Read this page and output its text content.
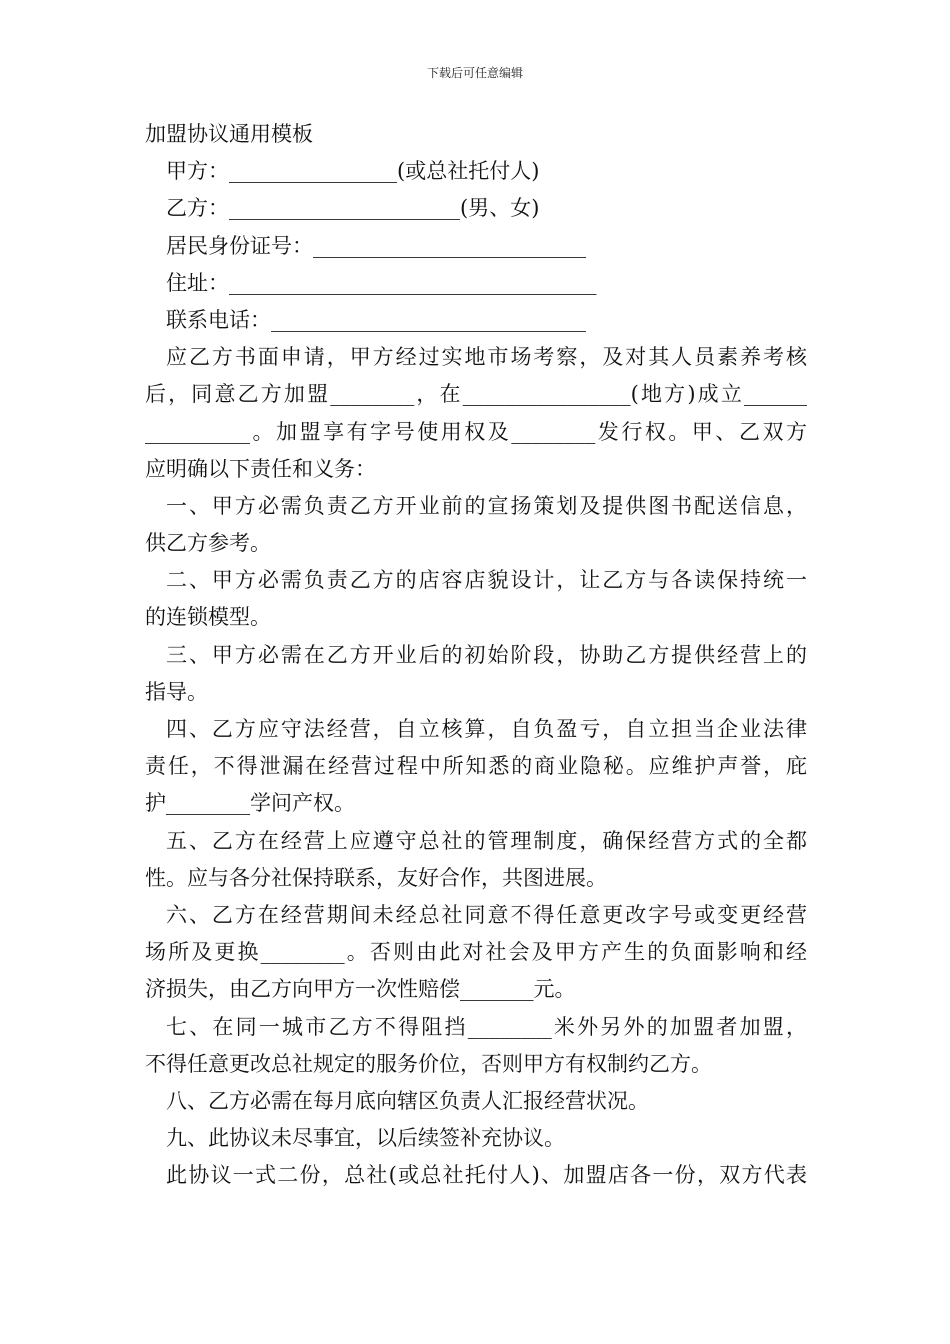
下载后可任意编辑
加盟协议通用模板
甲方：________________(或总社托付人)
乙方：______________________(男、女)
居民身份证号：__________________________
住址：___________________________________
联系电话：______________________________
应乙方书面申请，甲方经过实地市场考察，及对其人员素养考核
后，同意乙方加盟________，在________________(地方)成立______
__________。加盟享有字号使用权及________发行权。甲、乙双方
应明确以下责任和义务：
一、甲方必需负责乙方开业前的宣扬策划及提供图书配送信息，
供乙方参考。
二、甲方必需负责乙方的店容店貌设计，让乙方与各读保持统一
的连锁模型。
三、甲方必需在乙方开业后的初始阶段，协助乙方提供经营上的
指导。
四、乙方应守法经营，自立核算，自负盈亏，自立担当企业法律
责任，不得泄漏在经营过程中所知悉的商业隐秘。应维护声誉，庇
护________学问产权。
五、乙方在经营上应遵守总社的管理制度，确保经营方式的全都
性。应与各分社保持联系，友好合作，共图进展。
六、乙方在经营期间未经总社同意不得任意更改字号或变更经营
场所及更换________。否则由此对社会及甲方产生的负面影响和经
济损失，由乙方向甲方一次性赔偿_______元。
七、在同一城市乙方不得阻挡________米外另外的加盟者加盟，
不得任意更改总社规定的服务价位，否则甲方有权制约乙方。
八、乙方必需在每月底向辖区负责人汇报经营状况。
九、此协议未尽事宜，以后续签补充协议。
此协议一式二份，总社(或总社托付人)、加盟店各一份，双方代表
